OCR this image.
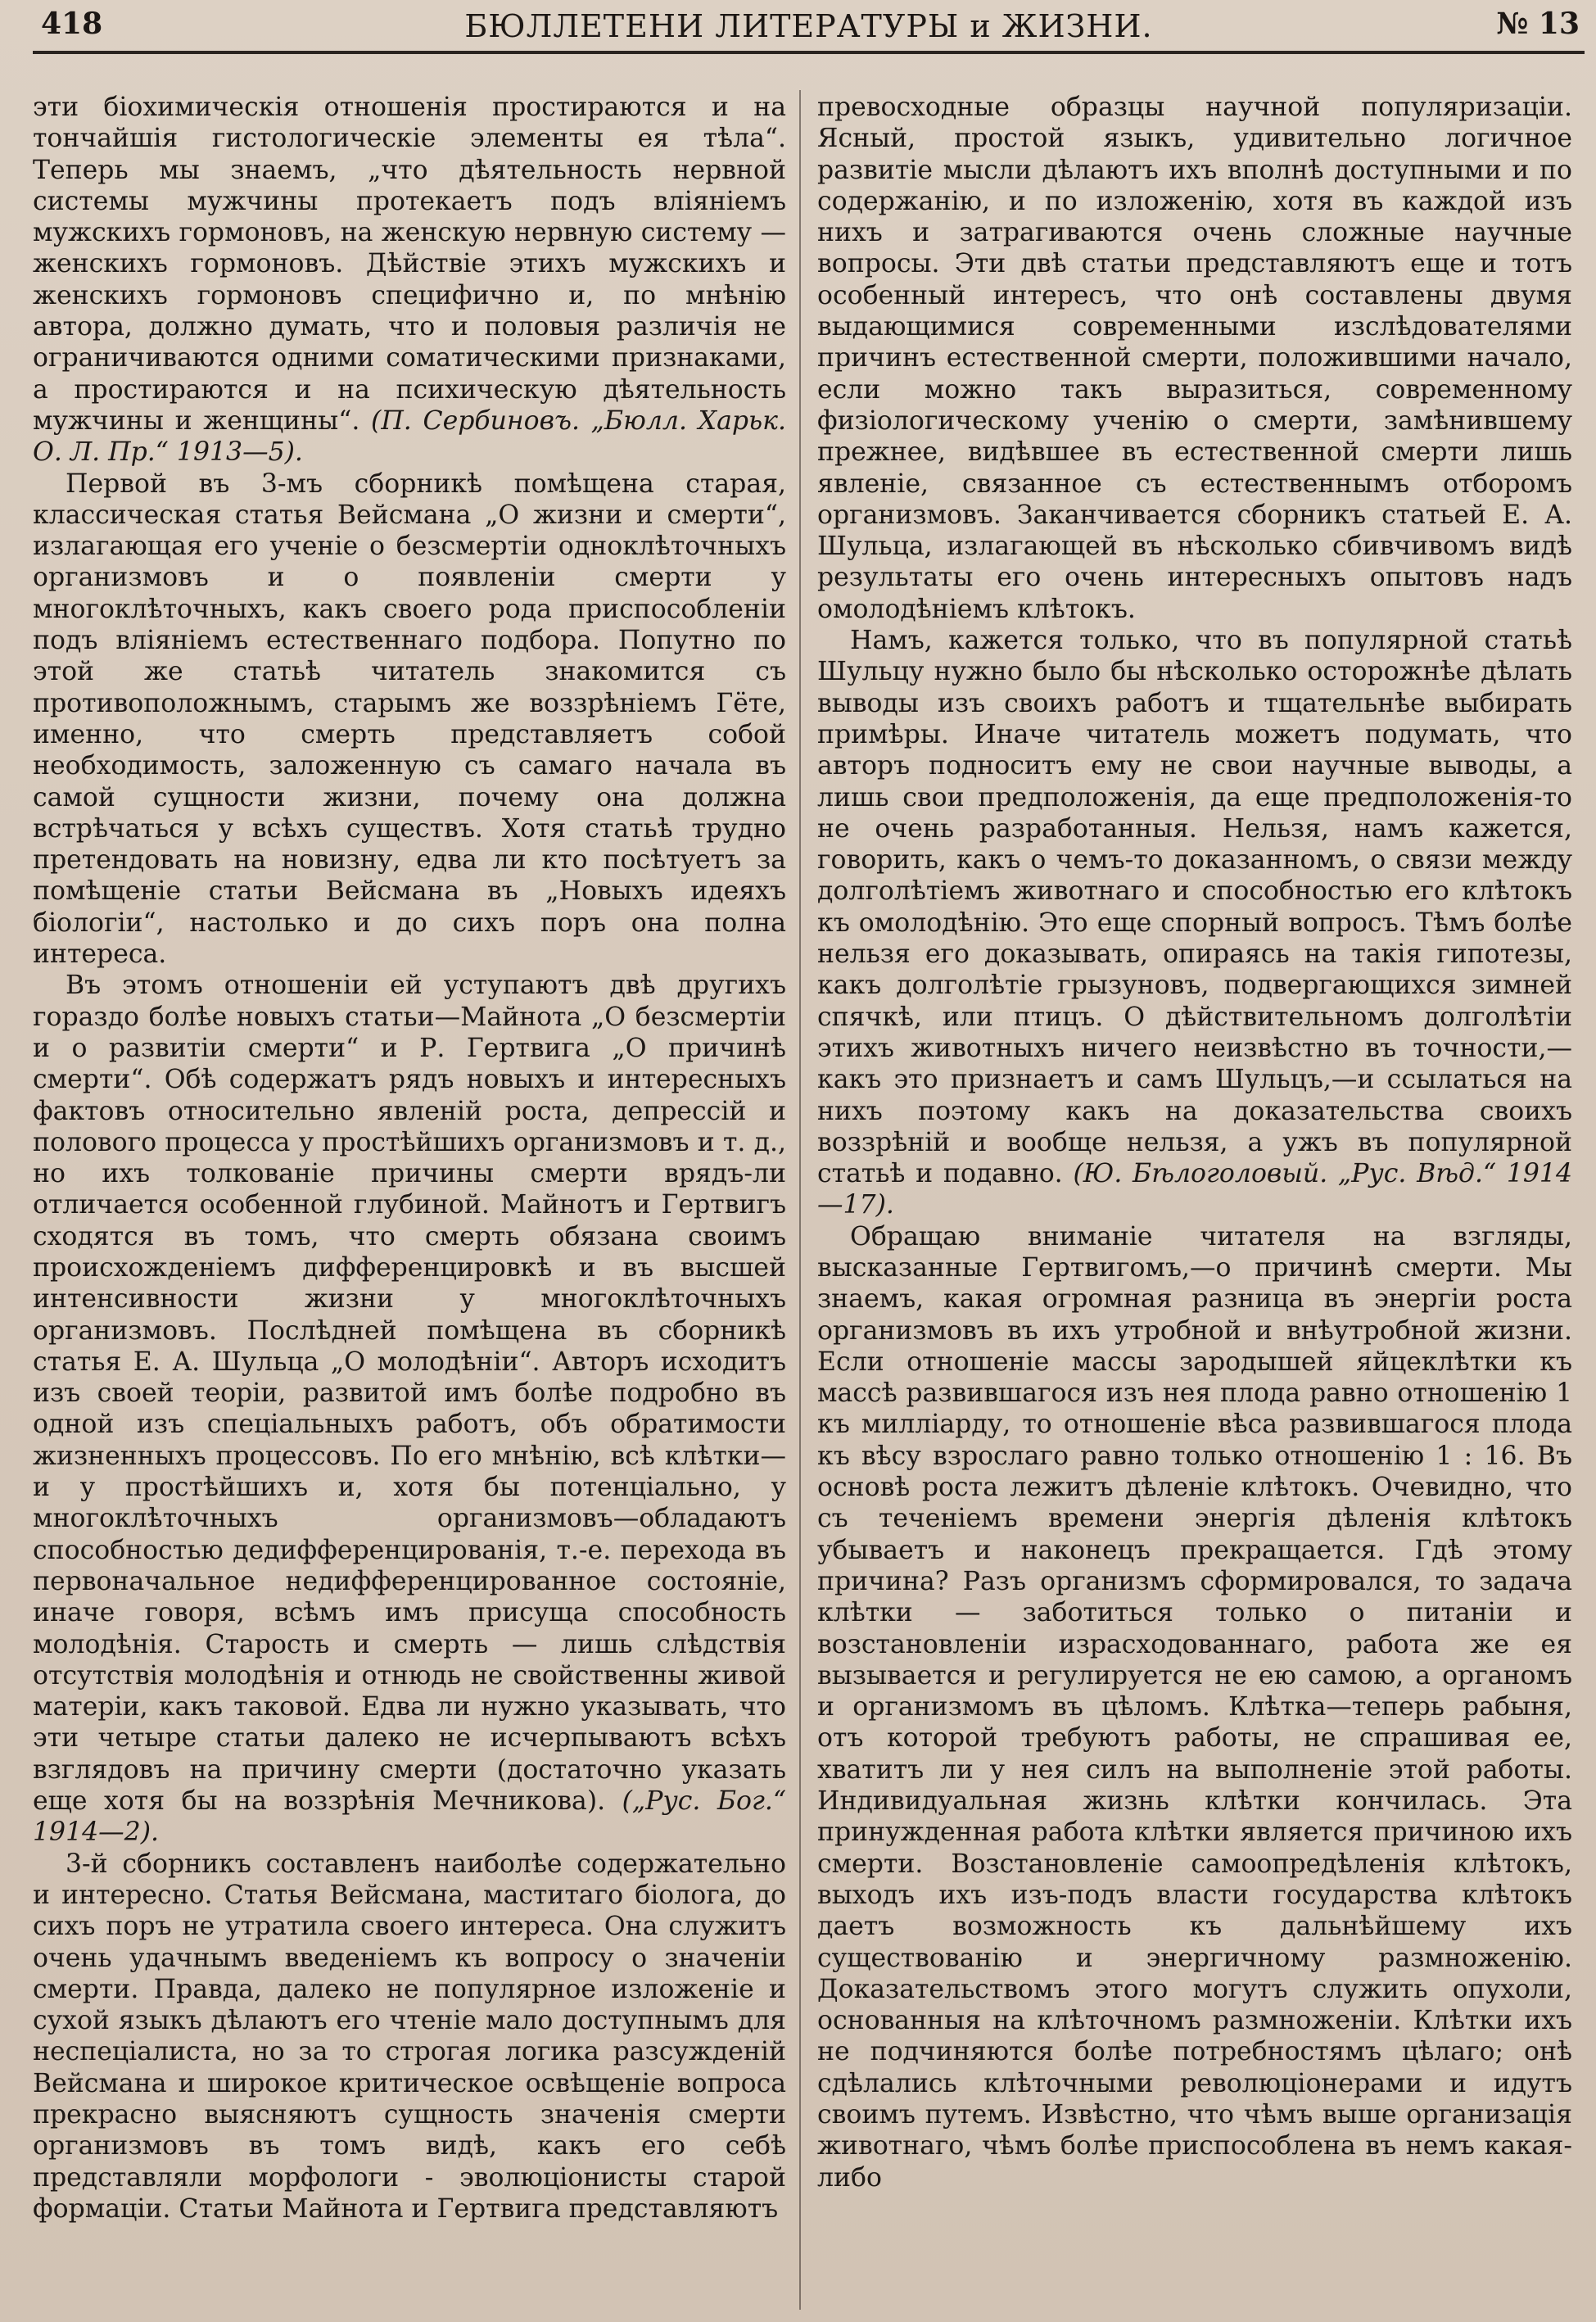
418	БЮЛЛЕТЕНИ ЛИТЕРАТУРЫ и ЖИЗНИ.	№ 13

эти біохимическія отношенія простираются и на тончайшія гистологическіе элементы ея тѣла“. Теперь мы знаемъ, „что дѣятельность нервной системы мужчины протекаетъ подъ вліяніемъ мужскихъ гормоновъ, на женскую нервную систему — женскихъ гормоновъ. Дѣйствіе этихъ мужскихъ и женскихъ гормоновъ специфично и, по мнѣнію автора, должно думать, что и половыя различія не ограничиваются одними соматическими признаками, а простираются и на психическую дѣятельность мужчины и женщины“. (П. Сербиновъ. „Бюлл. Харьк. О. Л. Пр.“ 1913—5).

Первой въ 3-мъ сборникѣ помѣщена старая, классическая статья Вейсмана „О жизни и смерти“, излагающая его ученіе о безсмертіи одноклѣточныхъ организмовъ и о появленіи смерти у многоклѣточныхъ, какъ своего рода приспособленіи подъ вліяніемъ естественнаго подбора. Попутно по этой же статьѣ читатель знакомится съ противоположнымъ, старымъ же воззрѣніемъ Гёте, именно, что смерть представляетъ собой необходимость, заложенную съ самаго начала въ самой сущности жизни, почему она должна встрѣчаться у всѣхъ существъ. Хотя статьѣ трудно претендовать на новизну, едва ли кто посѣтуетъ за помѣщеніе статьи Вейсмана въ „Новыхъ идеяхъ біологіи“, настолько и до сихъ поръ она полна интереса.

Въ этомъ отношеніи ей уступаютъ двѣ другихъ гораздо болѣе новыхъ статьи—Майнота „О безсмертіи и о развитіи смерти“ и Р. Гертвига „О причинѣ смерти“. Обѣ содержатъ рядъ новыхъ и интересныхъ фактовъ относительно явленій роста, депрессій и полового процесса у простѣйшихъ организмовъ и т. д., но ихъ толкованіе причины смерти врядъ-ли отличается особенной глубиной. Майнотъ и Гертвигъ сходятся въ томъ, что смерть обязана своимъ происхожденіемъ дифференцировкѣ и въ высшей интенсивности жизни у многоклѣточныхъ организмовъ. Послѣдней помѣщена въ сборникѣ статья Е. А. Шульца „О молодѣніи“. Авторъ исходитъ изъ своей теоріи, развитой имъ болѣе подробно въ одной изъ спеціальныхъ работъ, объ обратимости жизненныхъ процессовъ. По его мнѣнію, всѣ клѣтки—и у простѣйшихъ и, хотя бы потенціально, у многоклѣточныхъ организмовъ—обладаютъ способностью дедифференцированія, т.-е. перехода въ первоначальное недифференцированное состояніе, иначе говоря, всѣмъ имъ присуща способность молодѣнія. Старость и смерть — лишь слѣдствія отсутствія молодѣнія и отнюдь не свойственны живой матеріи, какъ таковой. Едва ли нужно указывать, что эти четыре статьи далеко не исчерпываютъ всѣхъ взглядовъ на причину смерти (достаточно указать еще хотя бы на воззрѣнія Мечникова). („Рус. Бог.“ 1914—2).

3-й сборникъ составленъ наиболѣе содержательно и интересно. Статья Вейсмана, маститаго біолога, до сихъ поръ не утратила своего интереса. Она служитъ очень удачнымъ введеніемъ къ вопросу о значеніи смерти. Правда, далеко не популярное изложеніе и сухой языкъ дѣлаютъ его чтеніе мало доступнымъ для неспеціалиста, но за то строгая логика разсужденій Вейсмана и широкое критическое освѣщеніе вопроса прекрасно выясняютъ сущность значенія смерти организмовъ въ томъ видѣ, какъ его себѣ представляли морфологи - эволюціонисты старой формаціи. Статьи Майнота и Гертвига представляютъ

превосходные образцы научной популяризаціи. Ясный, простой языкъ, удивительно логичное развитіе мысли дѣлаютъ ихъ вполнѣ доступными и по содержанію, и по изложенію, хотя въ каждой изъ нихъ и затрагиваются очень сложные научные вопросы. Эти двѣ статьи представляютъ еще и тотъ особенный интересъ, что онѣ составлены двумя выдающимися современными изслѣдователями причинъ естественной смерти, положившими начало, если можно такъ выразиться, современному физіологическому ученію о смерти, замѣнившему прежнее, видѣвшее въ естественной смерти лишь явленіе, связанное съ естественнымъ отборомъ организмовъ. Заканчивается сборникъ статьей Е. А. Шульца, излагающей въ нѣсколько сбивчивомъ видѣ результаты его очень интересныхъ опытовъ надъ омолодѣніемъ клѣтокъ.

Намъ, кажется только, что въ популярной статьѣ Шульцу нужно было бы нѣсколько осторожнѣе дѣлать выводы изъ своихъ работъ и тщательнѣе выбирать примѣры. Иначе читатель можетъ подумать, что авторъ подноситъ ему не свои научные выводы, а лишь свои предположенія, да еще предположенія-то не очень разработанныя. Нельзя, намъ кажется, говорить, какъ о чемъ-то доказанномъ, о связи между долголѣтіемъ животнаго и способностью его клѣтокъ къ омолодѣнію. Это еще спорный вопросъ. Тѣмъ болѣе нельзя его доказывать, опираясь на такія гипотезы, какъ долголѣтіе грызуновъ, подвергающихся зимней спячкѣ, или птицъ. О дѣйствительномъ долголѣтіи этихъ животныхъ ничего неизвѣстно въ точности,—какъ это признаетъ и самъ Шульцъ,—и ссылаться на нихъ поэтому какъ на доказательства своихъ воззрѣній и вообще нельзя, а ужъ въ популярной статьѣ и подавно. (Ю. Бѣлоголовый. „Рус. Вѣд.“ 1914—17).

Обращаю вниманіе читателя на взгляды, высказанные Гертвигомъ,—о причинѣ смерти. Мы знаемъ, какая огромная разница въ энергіи роста организмовъ въ ихъ утробной и внѣутробной жизни. Если отношеніе массы зародышей яйцеклѣтки къ массѣ развившагося изъ нея плода равно отношенію 1 къ милліарду, то отношеніе вѣса развившагося плода къ вѣсу взрослаго равно только отношенію 1 : 16. Въ основѣ роста лежитъ дѣленіе клѣтокъ. Очевидно, что съ теченіемъ времени энергія дѣленія клѣтокъ убываетъ и наконецъ прекращается. Гдѣ этому причина? Разъ организмъ сформировался, то задача клѣтки — заботиться только о питаніи и возстановленіи израсходованнаго, работа же ея вызывается и регулируется не ею самою, а органомъ и организмомъ въ цѣломъ. Клѣтка—теперь рабыня, отъ которой требуютъ работы, не спрашивая ее, хватитъ ли у нея силъ на выполненіе этой работы. Индивидуальная жизнь клѣтки кончилась. Эта принужденная работа клѣтки является причиною ихъ смерти. Возстановленіе самоопредѣленія клѣтокъ, выходъ ихъ изъ-подъ власти государства клѣтокъ даетъ возможность къ дальнѣйшему ихъ существованію и энергичному размноженію. Доказательствомъ этого могутъ служить опухоли, основанныя на клѣточномъ размноженіи. Клѣтки ихъ не подчиняются болѣе потребностямъ цѣлаго; онѣ сдѣлались клѣточными революціонерами и идутъ своимъ путемъ. Извѣстно, что чѣмъ выше организація животнаго, чѣмъ болѣе приспособлена въ немъ какая-либо
